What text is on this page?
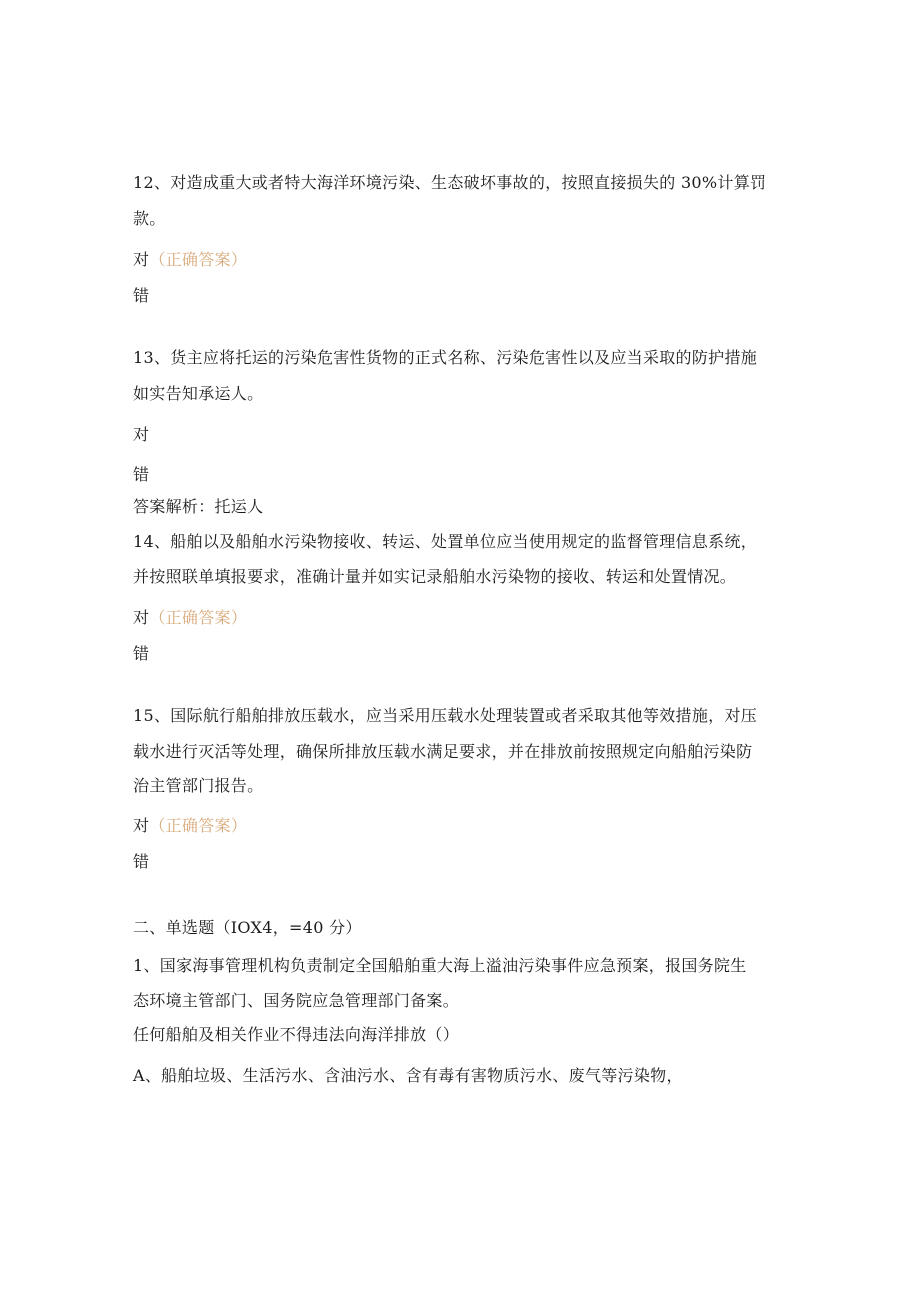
12、对造成重大或者特大海洋环境污染、生态破坏事故的，按照直接损失的 30%计算罚
款。
对（正确答案）
错
13、货主应将托运的污染危害性货物的正式名称、污染危害性以及应当采取的防护措施
如实告知承运人。
对
错
答案解析：托运人
14、船舶以及船舶水污染物接收、转运、处置单位应当使用规定的监督管理信息系统，
并按照联单填报要求，准确计量并如实记录船舶水污染物的接收、转运和处置情况。
对（正确答案）
错
15、国际航行船舶排放压载水，应当采用压载水处理装置或者采取其他等效措施，对压
载水进行灭活等处理，确保所排放压载水满足要求，并在排放前按照规定向船舶污染防
治主管部门报告。
对（正确答案）
错
二、单选题（IOX4，=40 分）
1、国家海事管理机构负责制定全国船舶重大海上溢油污染事件应急预案，报国务院生
态环境主管部门、国务院应急管理部门备案。
任何船舶及相关作业不得违法向海洋排放（）
A、船舶垃圾、生活污水、含油污水、含有毒有害物质污水、废气等污染物，
